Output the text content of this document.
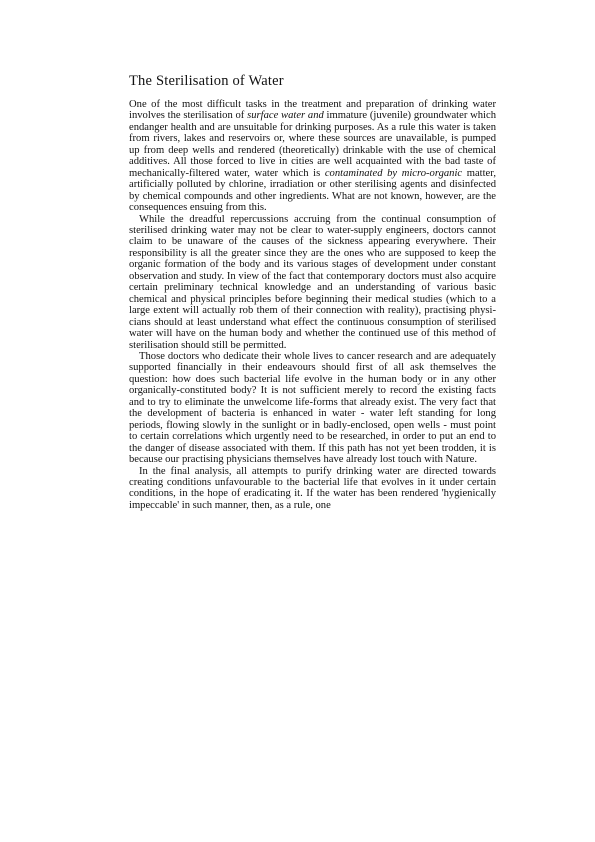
The Sterilisation of Water

One of the most difficult tasks in the treatment and preparation of drinking water involves the sterilisation of surface water and immature (juvenile) groundwater which endanger health and are unsuitable for drinking purposes. As a rule this water is taken from rivers, lakes and reservoirs or, where these sources are unavailable, is pumped up from deep wells and rendered (theoretically) drinkable with the use of chemical additives. All those forced to live in cities are well acquainted with the bad taste of mechanically-filtered water, water which is contaminated by micro-organic matter, artificially polluted by chlorine, irradiation or other sterilising agents and disinfected by chemical compounds and other ingredients. What are not known, however, are the consequences ensuing from this.

While the dreadful repercussions accruing from the continual consumption of sterilised drinking water may not be clear to water-supply engineers, doctors cannot claim to be unaware of the causes of the sickness appearing everywhere. Their responsibility is all the greater since they are the ones who are supposed to keep the organic formation of the body and its various stages of development under constant observation and study. In view of the fact that contemporary doctors must also acquire certain preliminary technical knowledge and an understanding of various basic chemical and physical principles before beginning their medical studies (which to a large extent will actually rob them of their connection with reality), practising physicians should at least understand what effect the continuous consumption of sterilised water will have on the human body and whether the continued use of this method of sterilisation should still be permitted.

Those doctors who dedicate their whole lives to cancer research and are adequately supported financially in their endeavours should first of all ask themselves the question: how does such bacterial life evolve in the human body or in any other organically-constituted body? It is not sufficient merely to record the existing facts and to try to eliminate the unwelcome life-forms that already exist. The very fact that the development of bacteria is enhanced in water - water left standing for long periods, flowing slowly in the sunlight or in badly-enclosed, open wells - must point to certain correlations which urgently need to be researched, in order to put an end to the danger of disease associated with them. If this path has not yet been trodden, it is because our practising physicians themselves have already lost touch with Nature.

In the final analysis, all attempts to purify drinking water are directed towards creating conditions unfavourable to the bacterial life that evolves in it under certain conditions, in the hope of eradicating it. If the water has been rendered 'hygienically impeccable' in such manner, then, as a rule, one
